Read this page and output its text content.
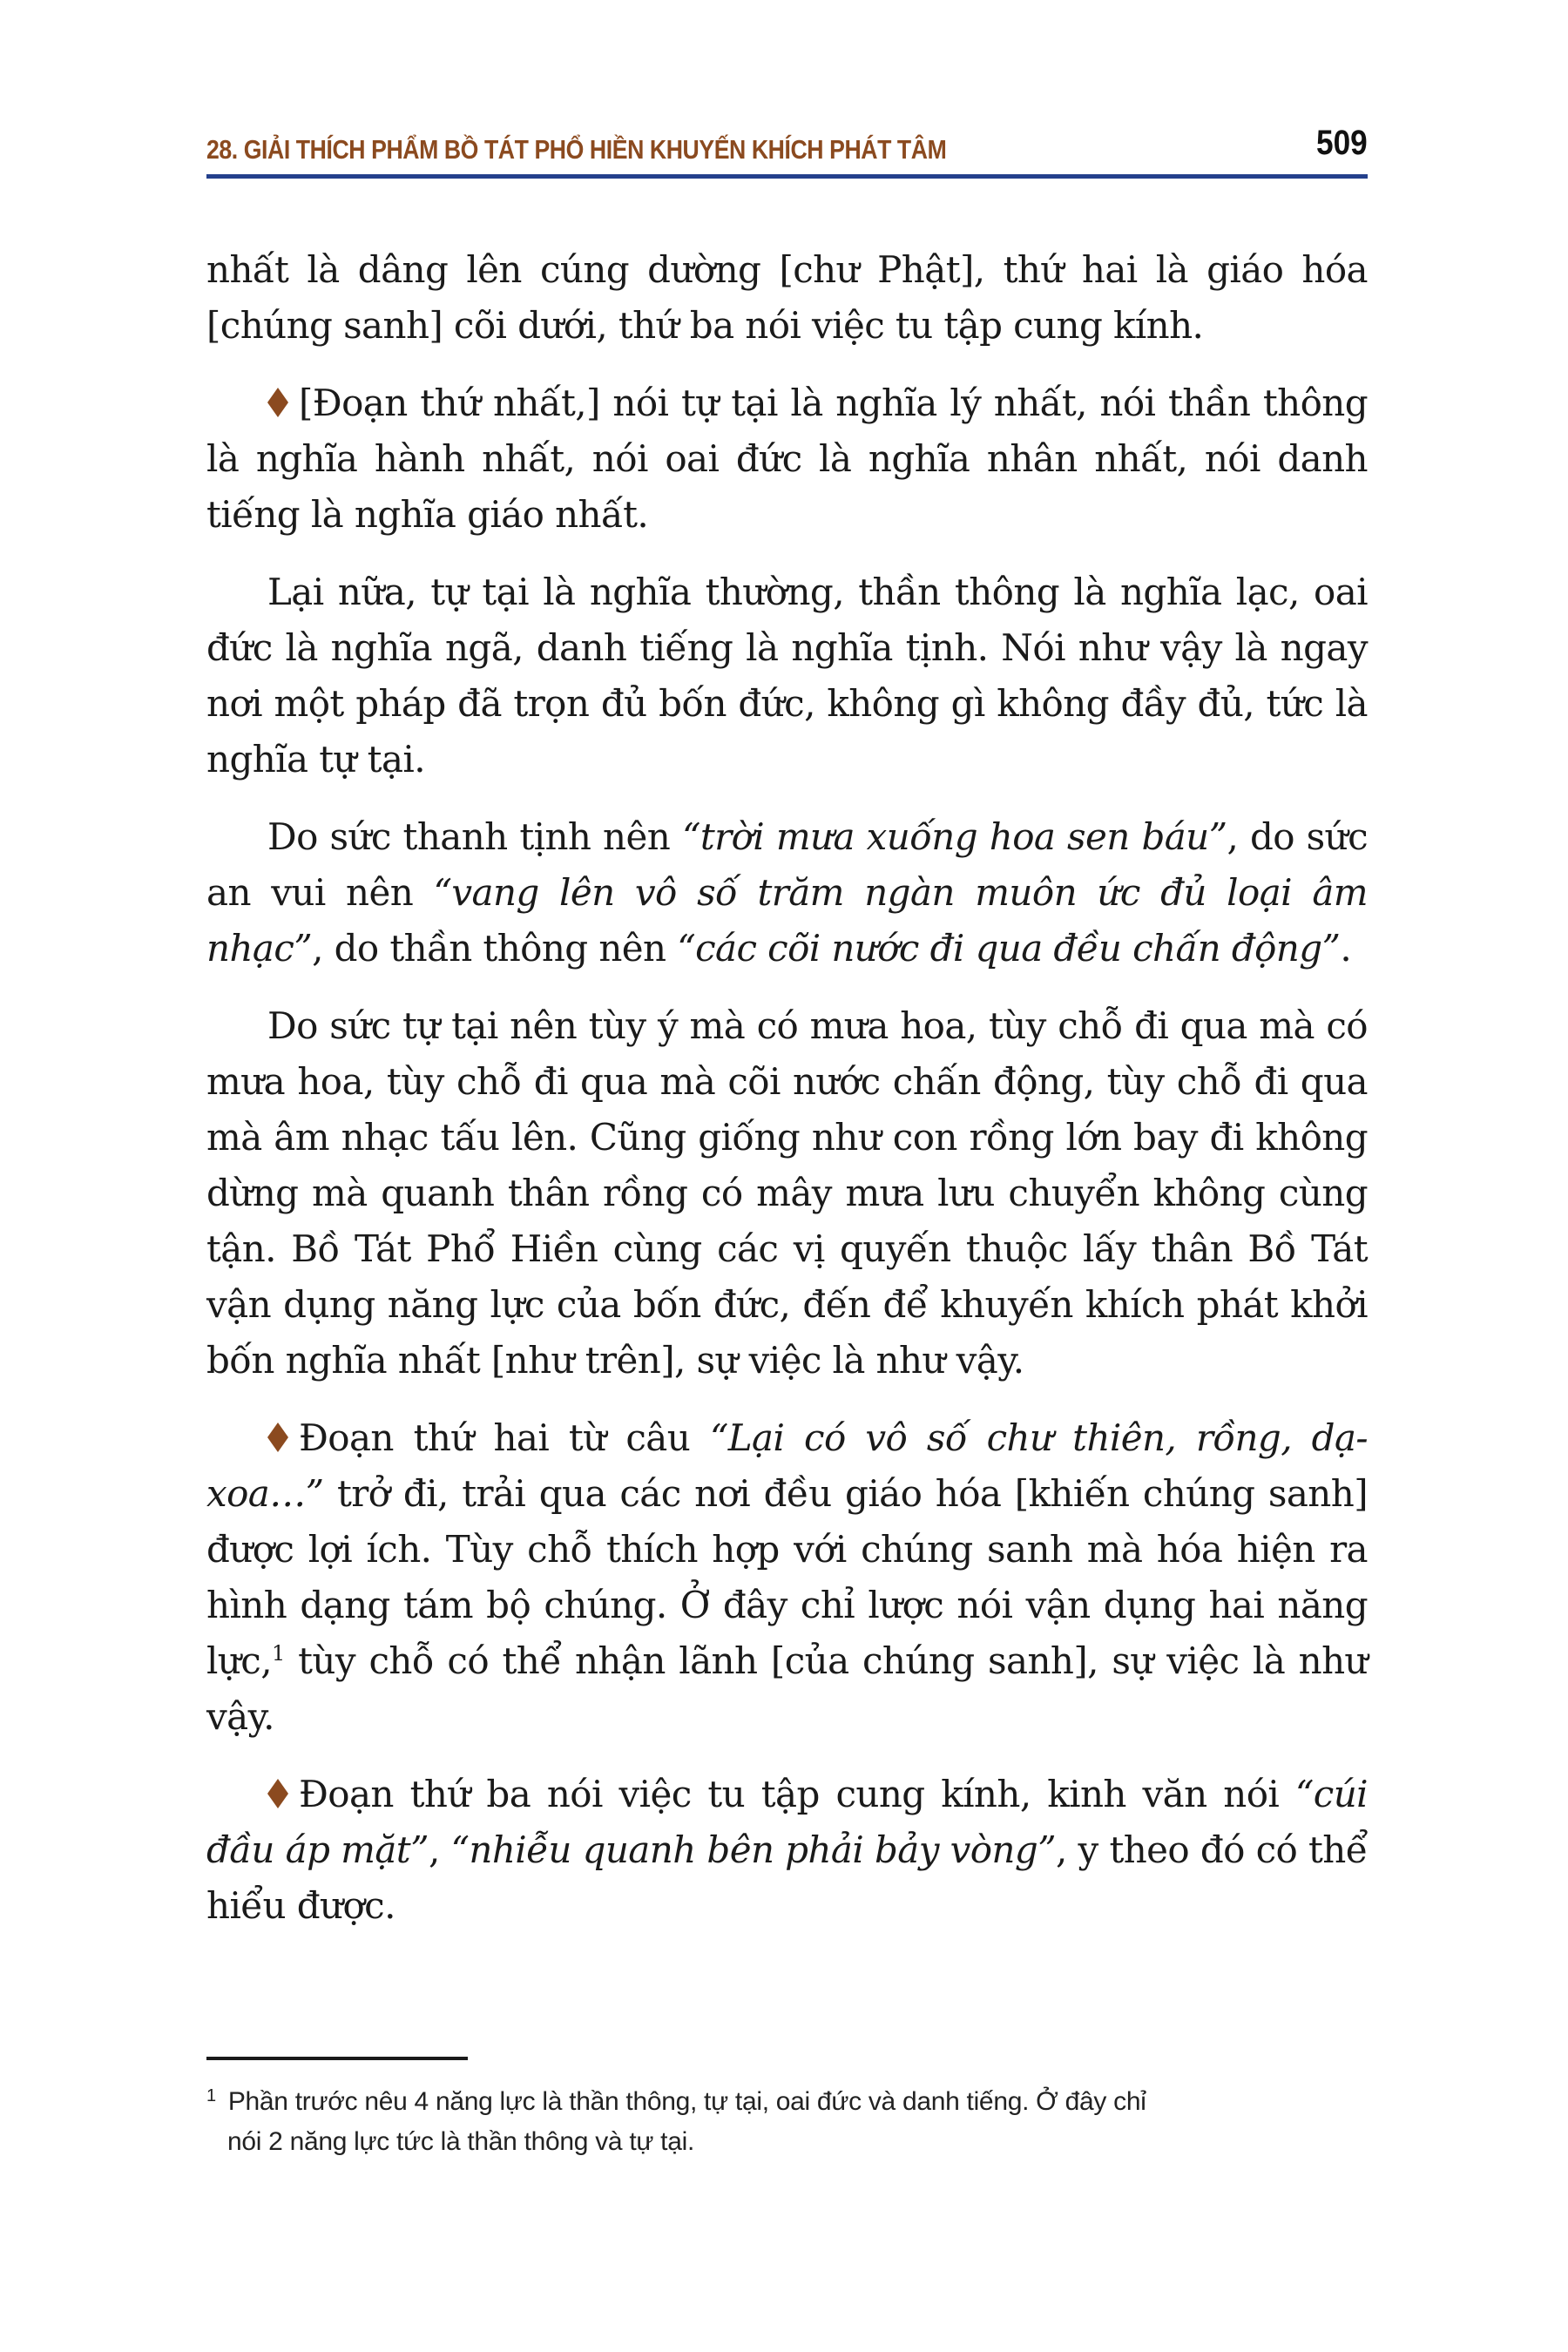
28. GIẢI THÍCH PHẨM BỒ TÁT PHỔ HIỀN KHUYẾN KHÍCH PHÁT TÂM	509

nhất là dâng lên cúng dường [chư Phật], thứ hai là giáo hóa [chúng sanh] cõi dưới, thứ ba nói việc tu tập cung kính.

[Đoạn thứ nhất,] nói tự tại là nghĩa lý nhất, nói thần thông là nghĩa hành nhất, nói oai đức là nghĩa nhân nhất, nói danh tiếng là nghĩa giáo nhất.

Lại nữa, tự tại là nghĩa thường, thần thông là nghĩa lạc, oai đức là nghĩa ngã, danh tiếng là nghĩa tịnh. Nói như vậy là ngay nơi một pháp đã trọn đủ bốn đức, không gì không đầy đủ, tức là nghĩa tự tại.

Do sức thanh tịnh nên “trời mưa xuống hoa sen báu”, do sức an vui nên “vang lên vô số trăm ngàn muôn ức đủ loại âm nhạc”, do thần thông nên “các cõi nước đi qua đều chấn động”.

Do sức tự tại nên tùy ý mà có mưa hoa, tùy chỗ đi qua mà có mưa hoa, tùy chỗ đi qua mà cõi nước chấn động, tùy chỗ đi qua mà âm nhạc tấu lên. Cũng giống như con rồng lớn bay đi không dừng mà quanh thân rồng có mây mưa lưu chuyển không cùng tận. Bồ Tát Phổ Hiền cùng các vị quyến thuộc lấy thân Bồ Tát vận dụng năng lực của bốn đức, đến để khuyến khích phát khởi bốn nghĩa nhất [như trên], sự việc là như vậy.

Đoạn thứ hai từ câu “Lại có vô số chư thiên, rồng, dạ-xoa…” trở đi, trải qua các nơi đều giáo hóa [khiến chúng sanh] được lợi ích. Tùy chỗ thích hợp với chúng sanh mà hóa hiện ra hình dạng tám bộ chúng. Ở đây chỉ lược nói vận dụng hai năng lực,$^1$ tùy chỗ có thể nhận lãnh [của chúng sanh], sự việc là như vậy.

Đoạn thứ ba nói việc tu tập cung kính, kinh văn nói “cúi đầu áp mặt”, “nhiễu quanh bên phải bảy vòng”, y theo đó có thể hiểu được.

$^1$ Phần trước nêu 4 năng lực là thần thông, tự tại, oai đức và danh tiếng. Ở đây chỉ
nói 2 năng lực tức là thần thông và tự tại.
